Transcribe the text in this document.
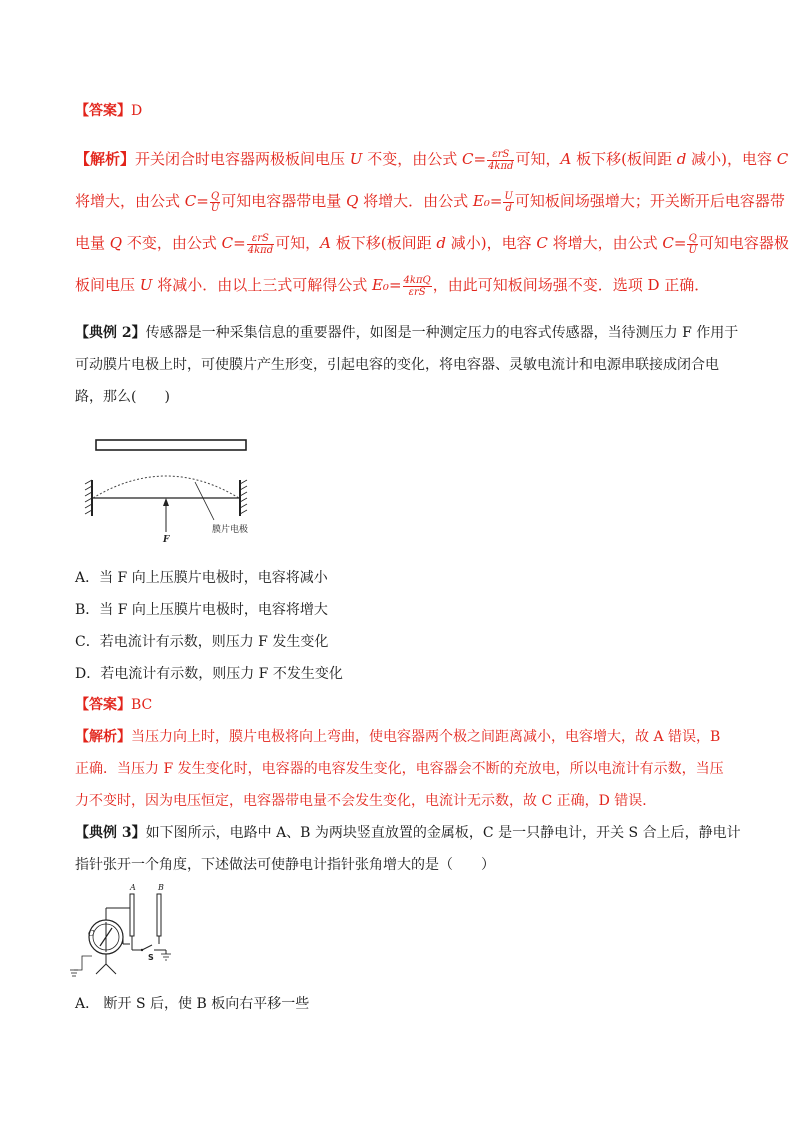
【答案】D
【解析】开关闭合时电容器两极板间电压 U 不变，由公式 $C= \frac{\text{εrS}}{\text{4kπd}}$ 可知，A 板下移(板间距 d 减小)，电容 C
将增大，由公式 $C= \frac{Q}{U}$ 可知电容器带电量 Q 将增大．由公式 $E_0= \frac{U}{d}$ 可知板间场强增大；开关断开后电容器带
电量 Q 不变，由公式 $C= \frac{\text{εrS}}{\text{4kπd}}$ 可知，A 板下移(板间距 d 减小)，电容 C 将增大，由公式 $C= \frac{Q}{U}$ 可知电容器极
板间电压 U 将减小．由以上三式可解得公式 $E_0= \frac{\text{4kπQ}}{\text{εrS}}$ ，由此可知板间场强不变．选项 D 正确．
【典例 2】传感器是一种采集信息的重要器件，如图是一种测定压力的电容式传感器，当待测压力 F 作用于
可动膜片电极上时，可使膜片产生形变，引起电容的变化，将电容器、灵敏电流计和电源串联接成闭合电
路，那么(　　)
F
膜片电极
A．当 F 向上压膜片电极时，电容将减小
B．当 F 向上压膜片电极时，电容将增大
C．若电流计有示数，则压力 F 发生变化
D．若电流计有示数，则压力 F 不发生变化
【答案】BC
【解析】当压力向上时，膜片电极将向上弯曲，使电容器两个极之间距离减小，电容增大，故 A 错误，B
正确．当压力 F 发生变化时，电容器的电容发生变化，电容器会不断的充放电，所以电流计有示数，当压
力不变时，因为电压恒定，电容器带电量不会发生变化，电流计无示数，故 C 正确，D 错误．
【典例 3】如下图所示，电路中 A、B 为两块竖直放置的金属板，C 是一只静电计，开关 S 合上后，静电计
指针张开一个角度，下述做法可使静电计指针张角增大的是（　　）
A	B
C
S
A． 断开 S 后，使 B 板向右平移一些
